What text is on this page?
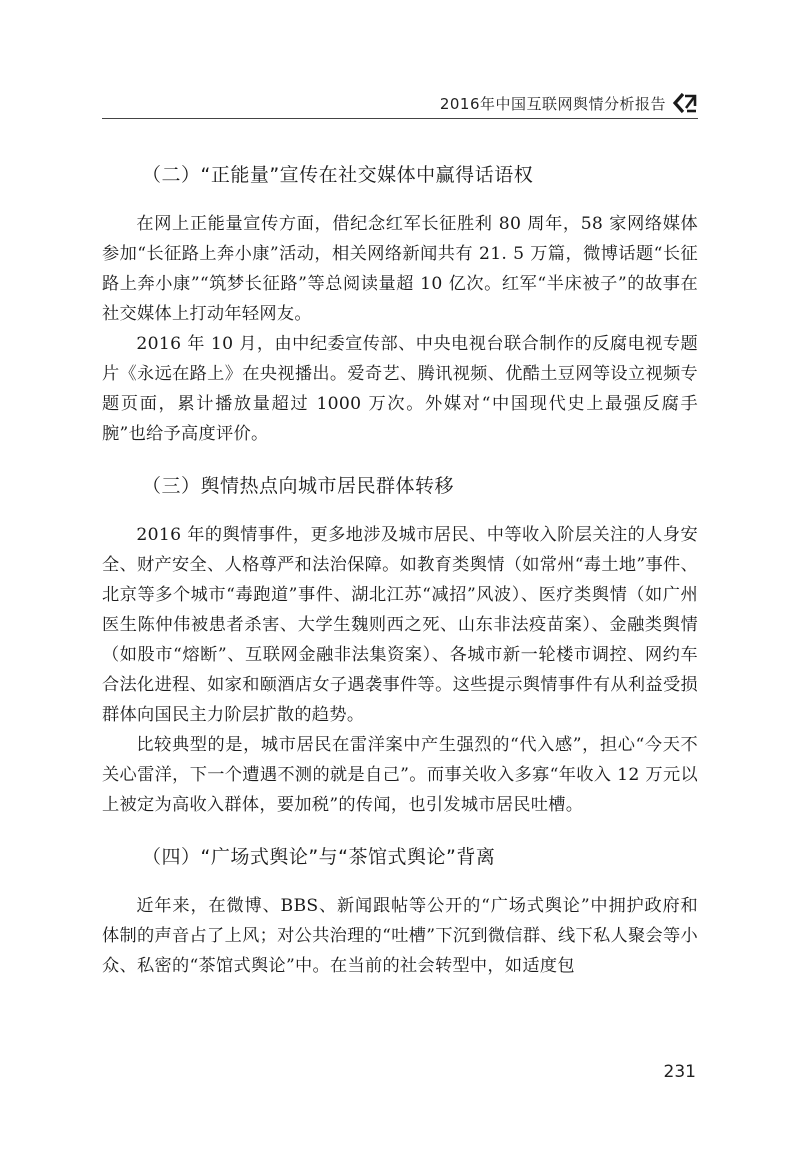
2016年中国互联网舆情分析报告
（二）“正能量”宣传在社交媒体中赢得话语权

在网上正能量宣传方面，借纪念红军长征胜利 80 周年，58 家网络媒体参加“长征路上奔小康”活动，相关网络新闻共有 21. 5 万篇，微博话题“长征路上奔小康”“筑梦长征路”等总阅读量超 10 亿次。红军“半床被子”的故事在社交媒体上打动年轻网友。

2016 年 10 月，由中纪委宣传部、中央电视台联合制作的反腐电视专题片《永远在路上》在央视播出。爱奇艺、腾讯视频、优酷土豆网等设立视频专题页面，累计播放量超过 1000 万次。外媒对“中国现代史上最强反腐手腕”也给予高度评价。

（三）舆情热点向城市居民群体转移

2016 年的舆情事件，更多地涉及城市居民、中等收入阶层关注的人身安全、财产安全、人格尊严和法治保障。如教育类舆情（如常州“毒土地”事件、北京等多个城市“毒跑道”事件、湖北江苏“减招”风波）、医疗类舆情（如广州医生陈仲伟被患者杀害、大学生魏则西之死、山东非法疫苗案）、金融类舆情（如股市“熔断”、互联网金融非法集资案）、各城市新一轮楼市调控、网约车合法化进程、如家和颐酒店女子遇袭事件等。这些提示舆情事件有从利益受损群体向国民主力阶层扩散的趋势。

比较典型的是，城市居民在雷洋案中产生强烈的“代入感”，担心“今天不关心雷洋，下一个遭遇不测的就是自己”。而事关收入多寡“年收入 12 万元以上被定为高收入群体，要加税”的传闻，也引发城市居民吐槽。

（四）“广场式舆论”与“茶馆式舆论”背离

近年来，在微博、BBS、新闻跟帖等公开的“广场式舆论”中拥护政府和体制的声音占了上风；对公共治理的“吐槽”下沉到微信群、线下私人聚会等小众、私密的“茶馆式舆论”中。在当前的社会转型中，如适度包

231
